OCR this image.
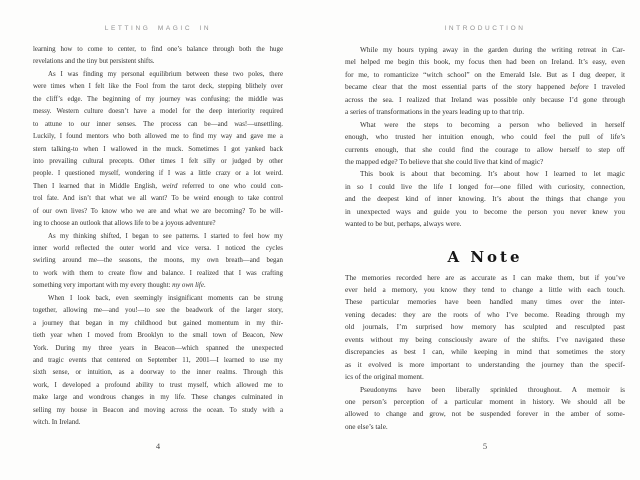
LETTING MAGIC IN
learning how to come to center, to find one’s balance through both the huge
revelations and the tiny but persistent shifts.
As I was finding my personal equilibrium between these two poles, there
were times when I felt like the Fool from the tarot deck, stepping blithely over
the cliff’s edge. The beginning of my journey was confusing; the middle was
messy. Western culture doesn’t have a model for the deep interiority required
to attune to our inner senses. The process can be—and was!—unsettling.
Luckily, I found mentors who both allowed me to find my way and gave me a
stern talking-to when I wallowed in the muck. Sometimes I got yanked back
into prevailing cultural precepts. Other times I felt silly or judged by other
people. I questioned myself, wondering if I was a little crazy or a lot weird.
Then I learned that in Middle English, weird referred to one who could con-
trol fate. And isn’t that what we all want? To be weird enough to take control
of our own lives? To know who we are and what we are becoming? To be will-
ing to choose an outlook that allows life to be a joyous adventure?
As my thinking shifted, I began to see patterns. I started to feel how my
inner world reflected the outer world and vice versa. I noticed the cycles
swirling around me—the seasons, the moons, my own breath—and began
to work with them to create flow and balance. I realized that I was crafting
something very important with my every thought: my own life.
When I look back, even seemingly insignificant moments can be strung
together, allowing me—and you!—to see the beadwork of the larger story,
a journey that began in my childhood but gained momentum in my thir-
tieth year when I moved from Brooklyn to the small town of Beacon, New
York. During my three years in Beacon—which spanned the unexpected
and tragic events that centered on September 11, 2001—I learned to use my
sixth sense, or intuition, as a doorway to the inner realms. Through this
work, I developed a profound ability to trust myself, which allowed me to
make large and wondrous changes in my life. These changes culminated in
selling my house in Beacon and moving across the ocean. To study with a
witch. In Ireland.
4
INTRODUCTION
While my hours typing away in the garden during the writing retreat in Car-
mel helped me begin this book, my focus then had been on Ireland. It’s easy, even
for me, to romanticize “witch school” on the Emerald Isle. But as I dug deeper, it
became clear that the most essential parts of the story happened before I traveled
across the sea. I realized that Ireland was possible only because I’d gone through
a series of transformations in the years leading up to that trip.
What were the steps to becoming a person who believed in herself
enough, who trusted her intuition enough, who could feel the pull of life’s
currents enough, that she could find the courage to allow herself to step off
the mapped edge? To believe that she could live that kind of magic?
This book is about that becoming. It’s about how I learned to let magic
in so I could live the life I longed for—one filled with curiosity, connection,
and the deepest kind of inner knowing. It’s about the things that change you
in unexpected ways and guide you to become the person you never knew you
wanted to be but, perhaps, always were.
A Note
The memories recorded here are as accurate as I can make them, but if you’ve
ever held a memory, you know they tend to change a little with each touch.
These particular memories have been handled many times over the inter-
vening decades: they are the roots of who I’ve become. Reading through my
old journals, I’m surprised how memory has sculpted and resculpted past
events without my being consciously aware of the shifts. I’ve navigated these
discrepancies as best I can, while keeping in mind that sometimes the story
as it evolved is more important to understanding the journey than the specif-
ics of the original moment.
Pseudonyms have been liberally sprinkled throughout. A memoir is
one person’s perception of a particular moment in history. We should all be
allowed to change and grow, not be suspended forever in the amber of some-
one else’s tale.
5
